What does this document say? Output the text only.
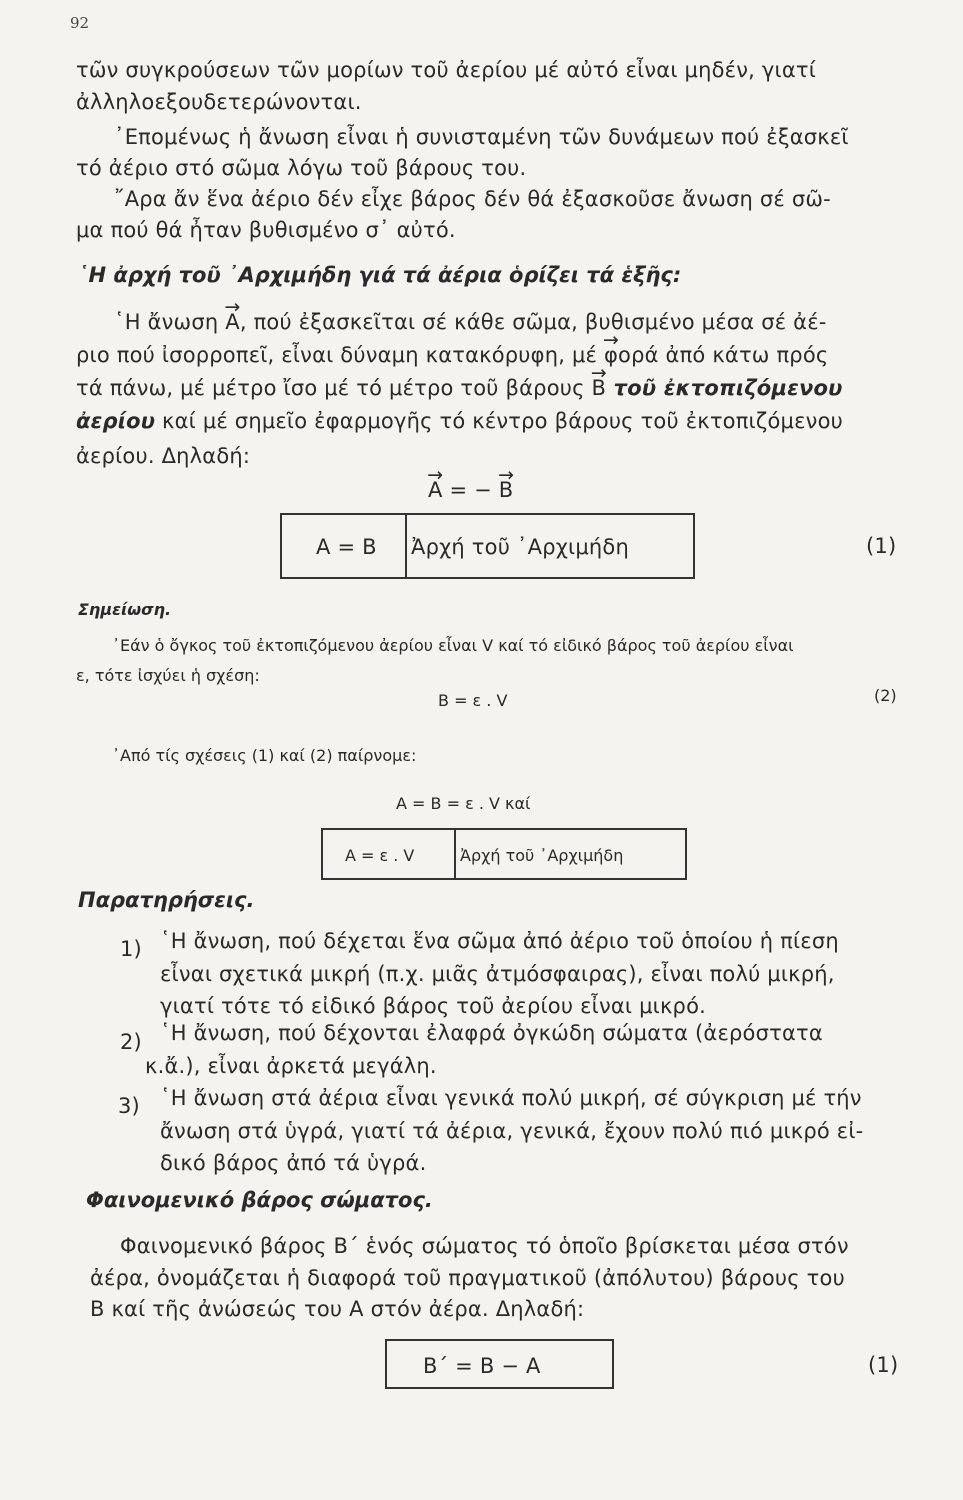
92
τῶν συγκρούσεων τῶν μορίων τοῦ ἀερίου μέ αὐτό εἶναι μηδέν, γιατί
ἀλληλοεξουδετερώνονται.
᾿Επομένως ἡ ἄνωση εἶναι ἡ συνισταμένη τῶν δυνάμεων πού ἐξασκεῖ
τό ἀέριο στό σῶμα λόγω τοῦ βάρους του.
῎Αρα ἄν ἕνα ἀέριο δέν εἶχε βάρος δέν θά ἐξασκοῦσε ἄνωση σέ σῶ-
μα πού θά ἦταν βυθισμένο σ᾿ αὐτό.
῾Η ἀρχή τοῦ ᾿Αρχιμήδη γιά τά ἀέρια ὁρίζει τά ἑξῆς:
῾Η ἄνωση → A, πού ἐξασκεῖται σέ κάθε σῶμα, βυθισμένο μέσα σέ ἀέ-
ριο πού ἰσορροπεῖ, εἶναι δύναμη κατακόρυφη, μέ → φορά ἀπό κάτω πρός
τά πάνω, μέ μέτρο ἴσο μέ τό μέτρο τοῦ βάρους → B τοῦ ἐκτοπιζόμενου
ἀερίου καί μέ σημεῖο ἐφαρμογῆς τό κέντρο βάρους τοῦ ἐκτοπιζόμενου
ἀερίου. Δηλαδή:
→ A = − → B
A = B Ἀρχή τοῦ ᾿Αρχιμήδη	(1)
Σημείωση.
᾿Εάν ὁ ὄγκος τοῦ ἐκτοπιζόμενου ἀερίου εἶναι V καί τό εἰδικό βάρος τοῦ ἀερίου εἶναι
ε, τότε ἰσχύει ἡ σχέση:
B = ε . V	(2)
᾿Από τίς σχέσεις (1) καί (2) παίρνομε:
A = B = ε . V καί
A = ε . V	Ἀρχή τοῦ ᾿Αρχιμήδη
Παρατηρήσεις.
1) ῾Η ἄνωση, πού δέχεται ἕνα σῶμα ἀπό ἀέριο τοῦ ὁποίου ἡ πίεση
εἶναι σχετικά μικρή (π.χ. μιᾶς ἀτμόσφαιρας), εἶναι πολύ μικρή,
γιατί τότε τό εἰδικό βάρος τοῦ ἀερίου εἶναι μικρό.
2) ῾Η ἄνωση, πού δέχονται ἐλαφρά ὀγκώδη σώματα (ἀερόστατα
κ.ἄ.), εἶναι ἀρκετά μεγάλη.
3) ῾Η ἄνωση στά ἀέρια εἶναι γενικά πολύ μικρή, σέ σύγκριση μέ τήν
ἄνωση στά ὑγρά, γιατί τά ἀέρια, γενικά, ἔχουν πολύ πιό μικρό εἰ-
δικό βάρος ἀπό τά ὑγρά.
Φαινομενικό βάρος σώματος.
Φαινομενικό βάρος B΄ ἑνός σώματος τό ὁποῖο βρίσκεται μέσα στόν
ἀέρα, ὀνομάζεται ἡ διαφορά τοῦ πραγματικοῦ (ἀπόλυτου) βάρους του
B καί τῆς ἀνώσεώς του A στόν ἀέρα. Δηλαδή:
B΄ = B − A	(1)
